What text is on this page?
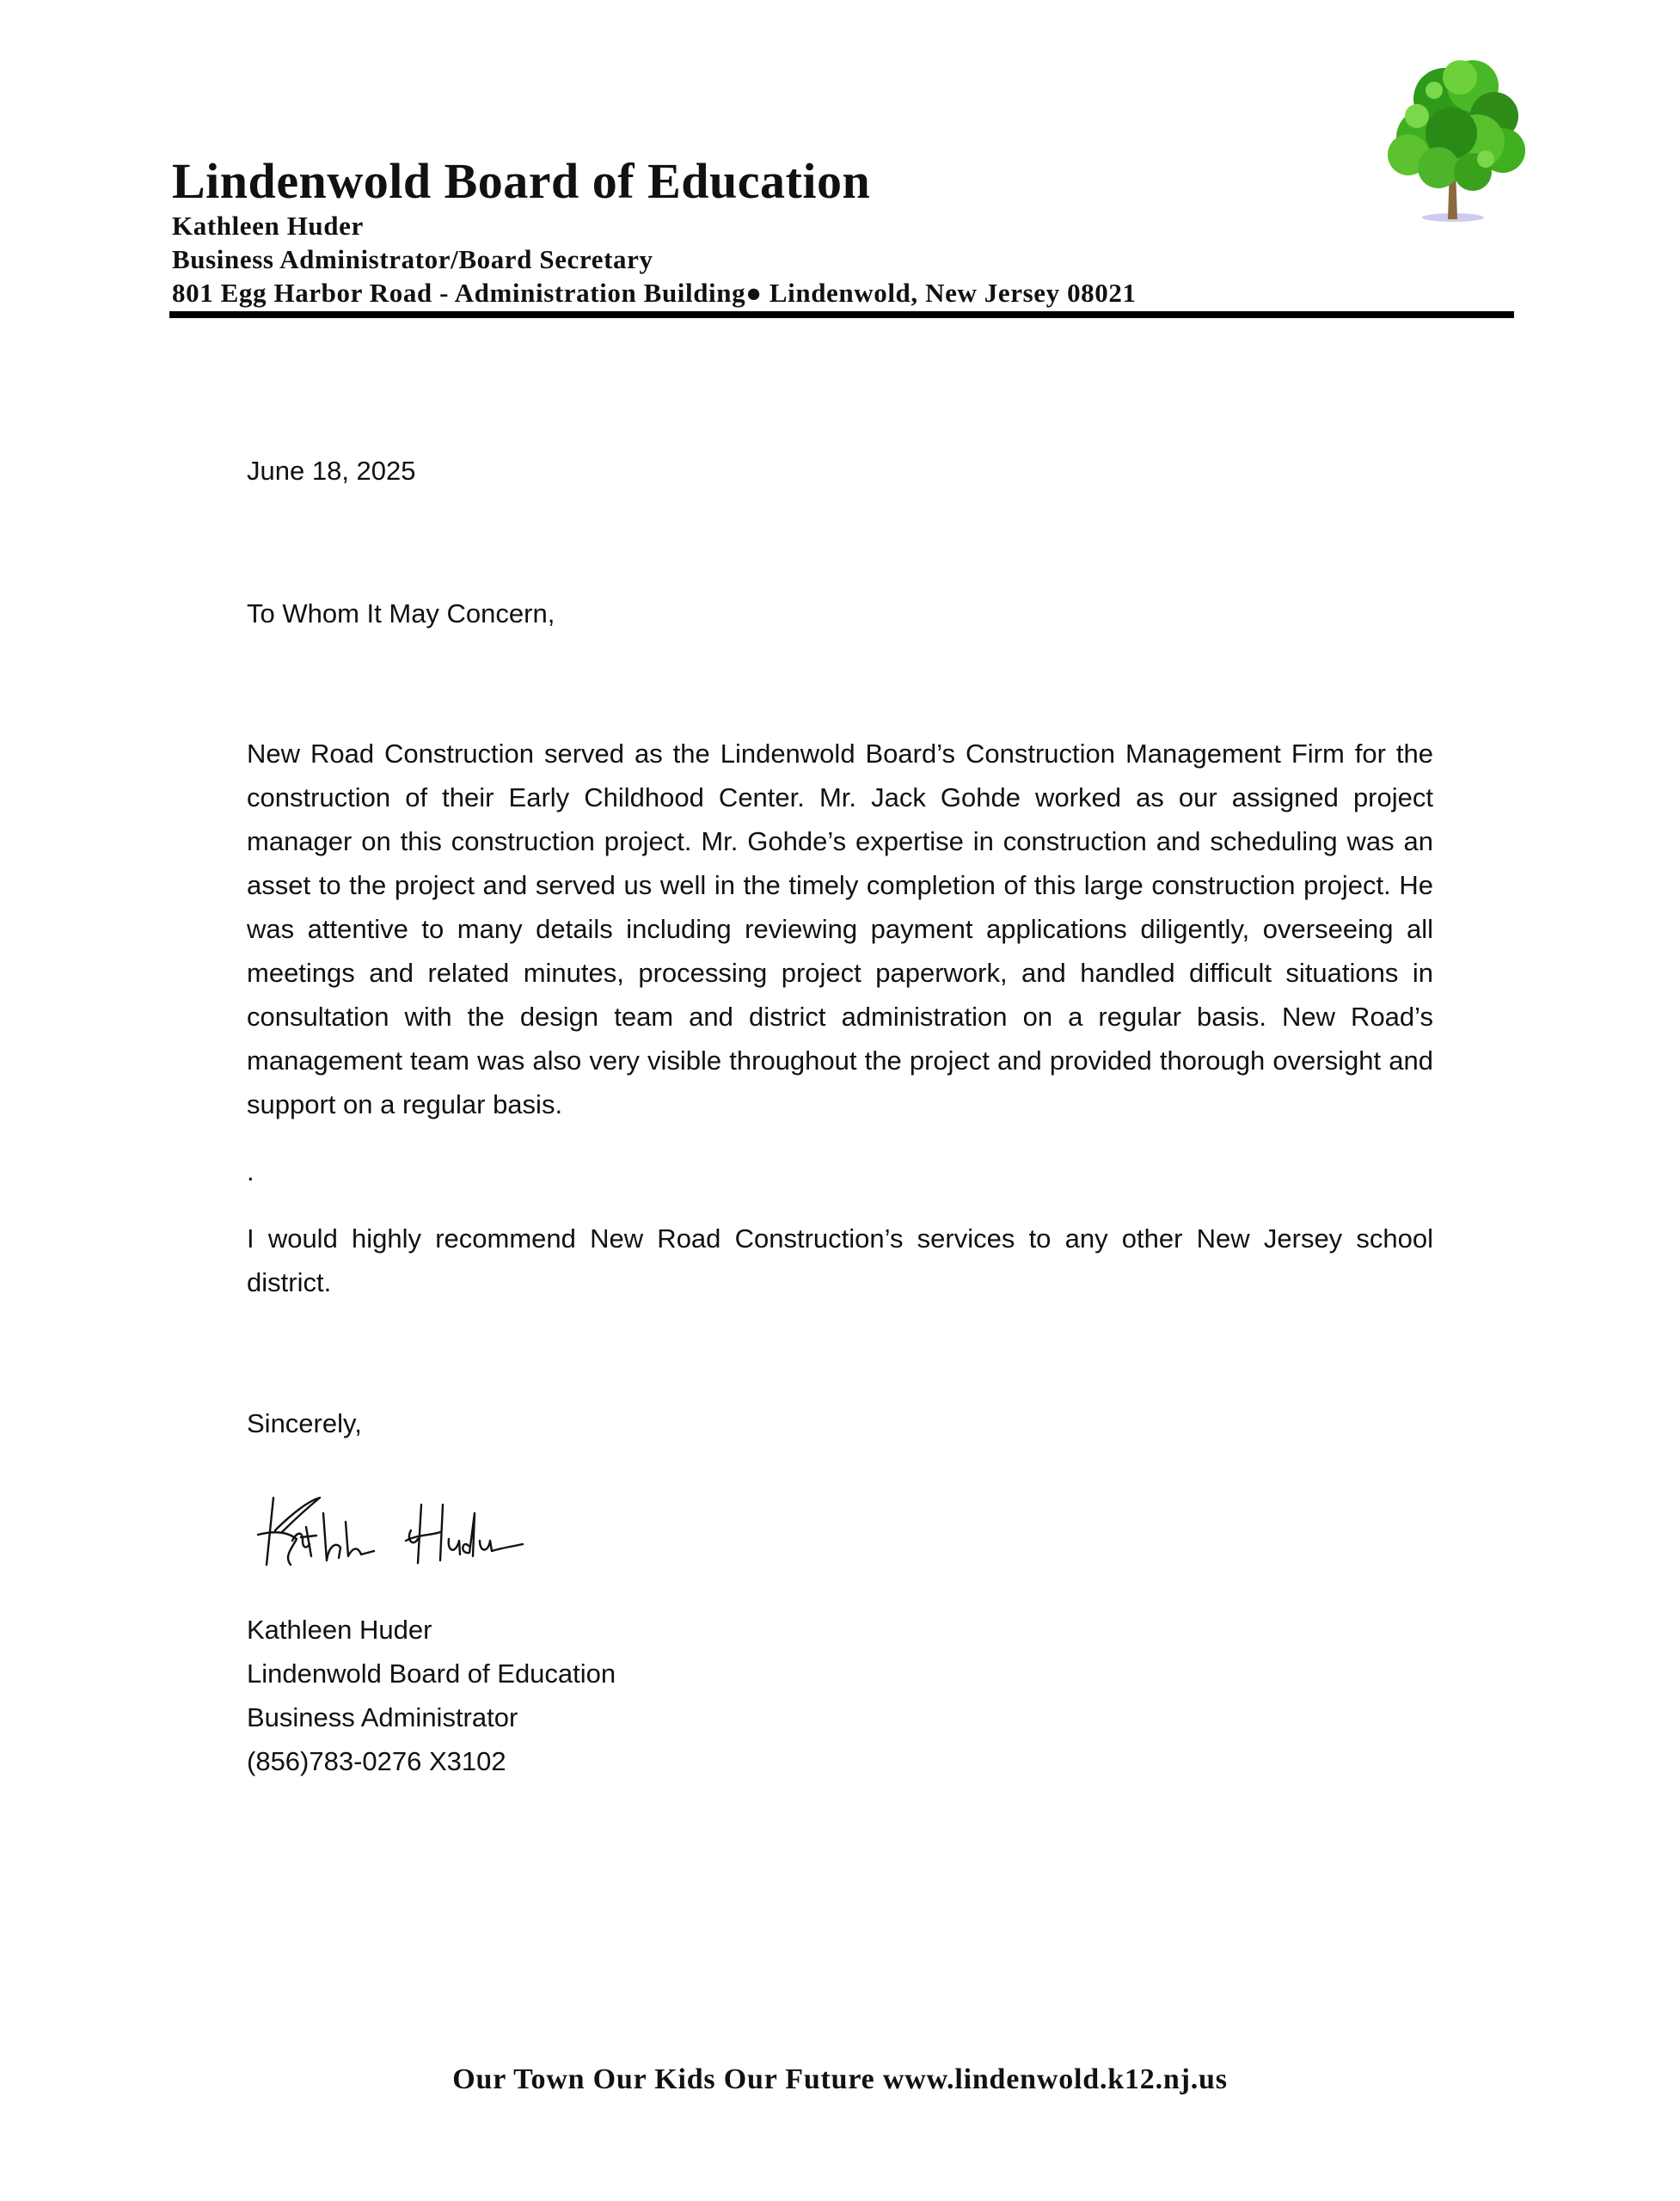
Lindenwold Board of Education
Kathleen Huder
Business Administrator/Board Secretary
801 Egg Harbor Road - Administration Building● Lindenwold, New Jersey 08021
June 18, 2025
To Whom It May Concern,
New Road Construction served as the Lindenwold Board’s Construction Management Firm for the construction of their Early Childhood Center. Mr. Jack Gohde worked as our assigned project manager on this construction project. Mr. Gohde’s expertise in construction and scheduling was an asset to the project and served us well in the timely completion of this large construction project. He was attentive to many details including reviewing payment applications diligently, overseeing all meetings and related minutes, processing project paperwork, and handled difficult situations in consultation with the design team and district administration on a regular basis. New Road’s management team was also very visible throughout the project and provided thorough oversight and support on a regular basis.
.
I would highly recommend New Road Construction’s services to any other New Jersey school district.
Sincerely,
Kathleen Huder
Lindenwold Board of Education
Business Administrator
(856)783-0276 X3102
Our Town Our Kids Our Future www.lindenwold.k12.nj.us
